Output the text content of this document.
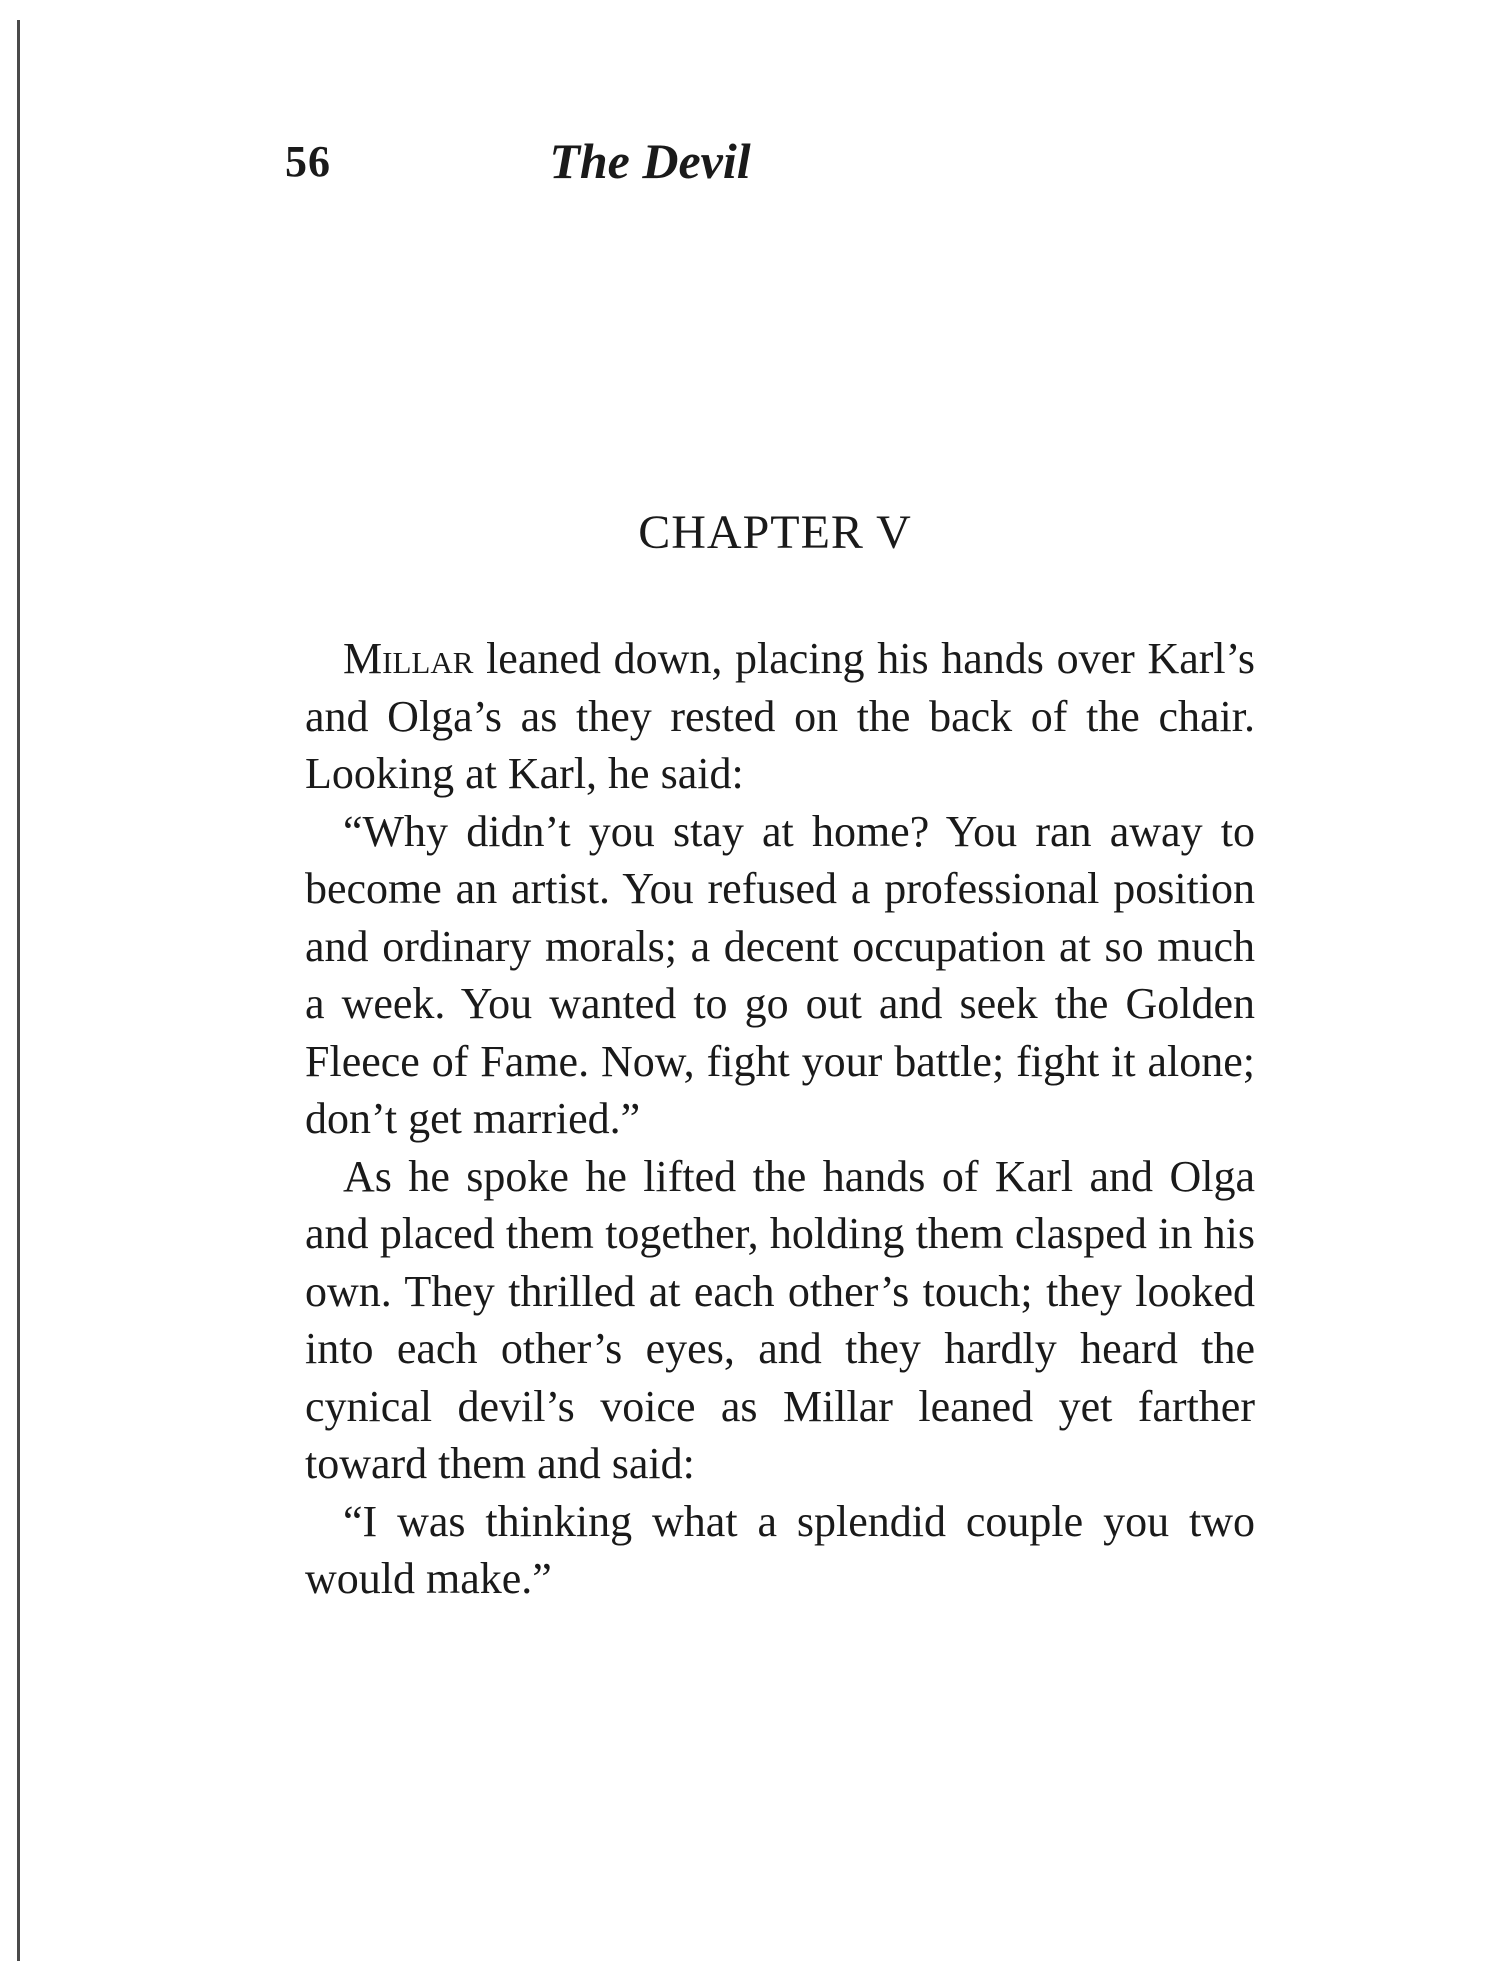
56	The Devil
CHAPTER V

Millar leaned down, placing his hands over Karl’s and Olga’s as they rested on the back of the chair. Looking at Karl, he said:

“Why didn’t you stay at home? You ran away to become an artist. You refused a professional position and ordinary morals; a decent occupation at so much a week. You wanted to go out and seek the Golden Fleece of Fame. Now, fight your battle; fight it alone; don’t get married.”

As he spoke he lifted the hands of Karl and Olga and placed them together, holding them clasped in his own. They thrilled at each other’s touch; they looked into each other’s eyes, and they hardly heard the cynical devil’s voice as Millar leaned yet farther toward them and said:

“I was thinking what a splendid couple you two would make.”
